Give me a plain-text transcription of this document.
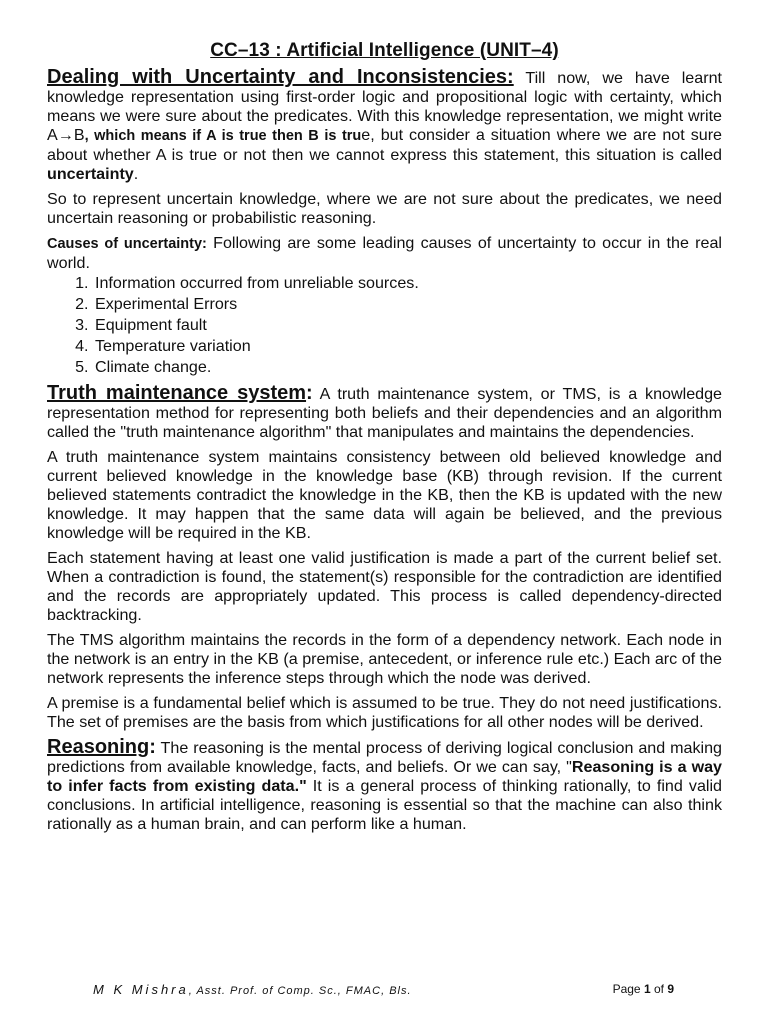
CC–13 : Artificial Intelligence (UNIT–4)

Dealing with Uncertainty and Inconsistencies: Till now, we have learnt knowledge representation using first-order logic and propositional logic with certainty, which means we were sure about the predicates. With this knowledge representation, we might write A→B, which means if A is true then B is true, but consider a situation where we are not sure about whether A is true or not then we cannot express this statement, this situation is called uncertainty.

So to represent uncertain knowledge, where we are not sure about the predicates, we need uncertain reasoning or probabilistic reasoning.

Causes of uncertainty: Following are some leading causes of uncertainty to occur in the real world.

1. Information occurred from unreliable sources.
2. Experimental Errors
3. Equipment fault
4. Temperature variation
5. Climate change.

Truth maintenance system: A truth maintenance system, or TMS, is a knowledge representation method for representing both beliefs and their dependencies and an algorithm called the "truth maintenance algorithm" that manipulates and maintains the dependencies.

A truth maintenance system maintains consistency between old believed knowledge and current believed knowledge in the knowledge base (KB) through revision. If the current believed statements contradict the knowledge in the KB, then the KB is updated with the new knowledge. It may happen that the same data will again be believed, and the previous knowledge will be required in the KB.

Each statement having at least one valid justification is made a part of the current belief set. When a contradiction is found, the statement(s) responsible for the contradiction are identified and the records are appropriately updated. This process is called dependency-directed backtracking.

The TMS algorithm maintains the records in the form of a dependency network. Each node in the network is an entry in the KB (a premise, antecedent, or inference rule etc.) Each arc of the network represents the inference steps through which the node was derived.

A premise is a fundamental belief which is assumed to be true. They do not need justifications. The set of premises are the basis from which justifications for all other nodes will be derived.

Reasoning: The reasoning is the mental process of deriving logical conclusion and making predictions from available knowledge, facts, and beliefs. Or we can say, "Reasoning is a way to infer facts from existing data." It is a general process of thinking rationally, to find valid conclusions. In artificial intelligence, reasoning is essential so that the machine can also think rationally as a human brain, and can perform like a human.

M K Mishra, Asst. Prof. of Comp. Sc., FMAC, Bls.	Page 1 of 9
